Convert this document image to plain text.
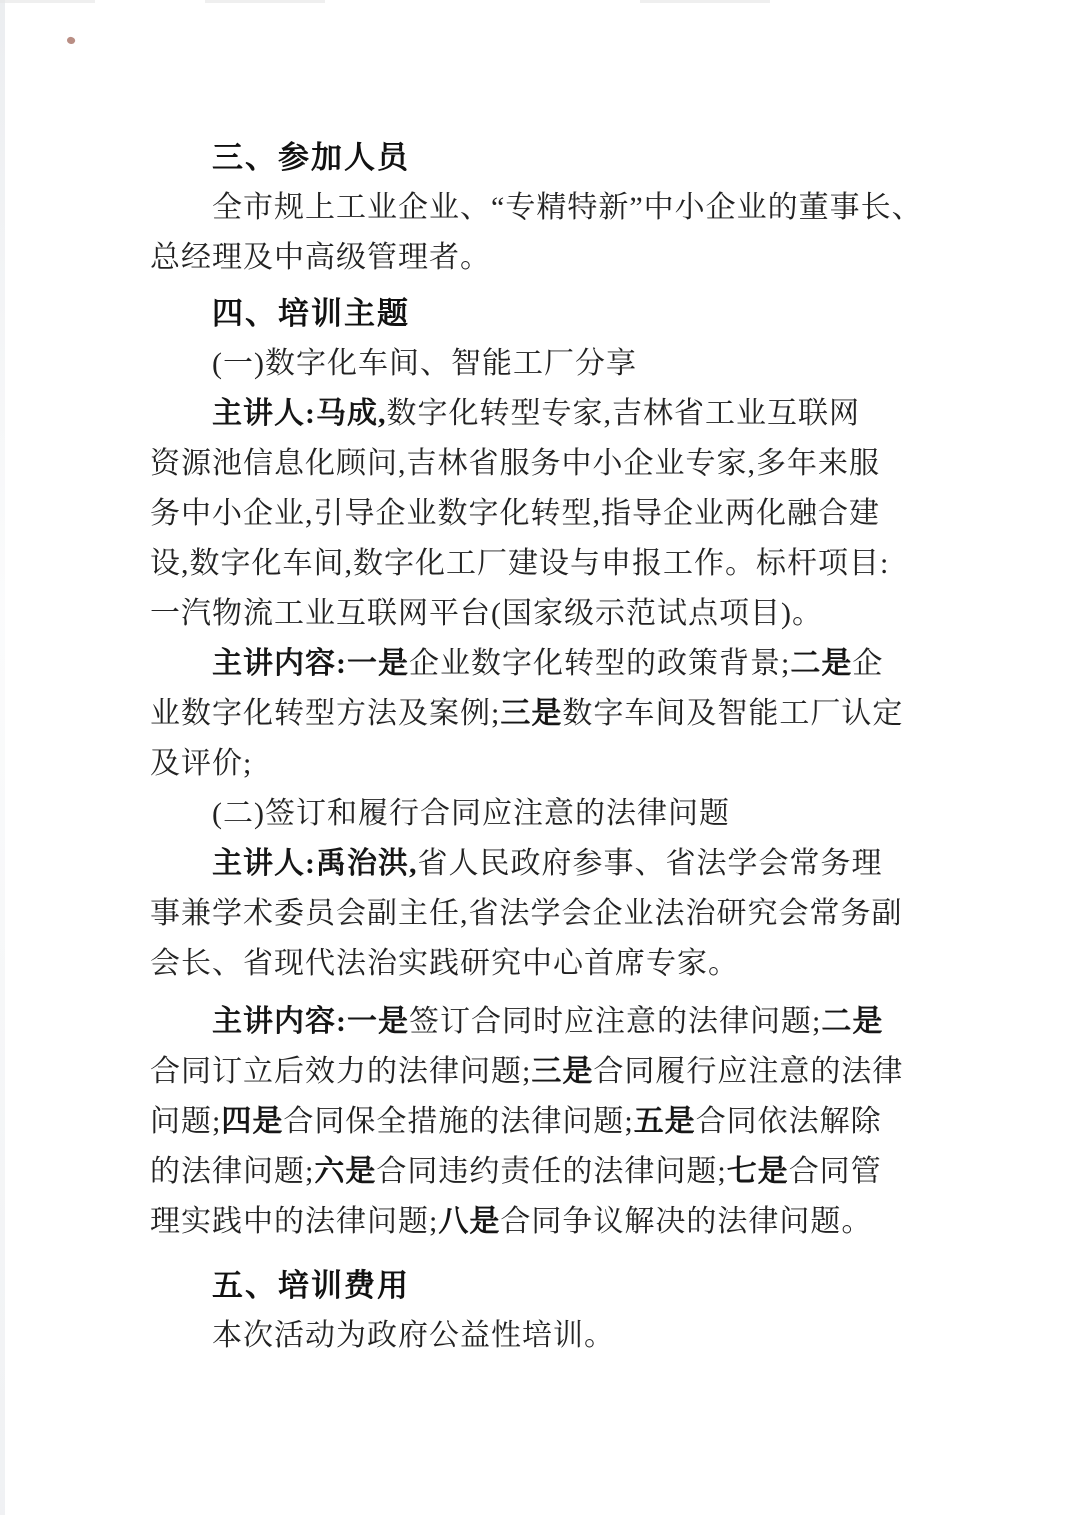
三、参加人员
全市规上工业企业、“专精特新”中小企业的董事长、
总经理及中高级管理者。
四、培训主题
(一)数字化车间、智能工厂分享
主讲人:马成,数字化转型专家,吉林省工业互联网
资源池信息化顾问,吉林省服务中小企业专家,多年来服
务中小企业,引导企业数字化转型,指导企业两化融合建
设,数字化车间,数字化工厂建设与申报工作。标杆项目:
一汽物流工业互联网平台(国家级示范试点项目)。
主讲内容:一是企业数字化转型的政策背景;二是企
业数字化转型方法及案例;三是数字车间及智能工厂认定
及评价;
(二)签订和履行合同应注意的法律问题
主讲人:禹治洪,省人民政府参事、省法学会常务理
事兼学术委员会副主任,省法学会企业法治研究会常务副
会长、省现代法治实践研究中心首席专家。
主讲内容:一是签订合同时应注意的法律问题;二是
合同订立后效力的法律问题;三是合同履行应注意的法律
问题;四是合同保全措施的法律问题;五是合同依法解除
的法律问题;六是合同违约责任的法律问题;七是合同管
理实践中的法律问题;八是合同争议解决的法律问题。
五、培训费用
本次活动为政府公益性培训。
